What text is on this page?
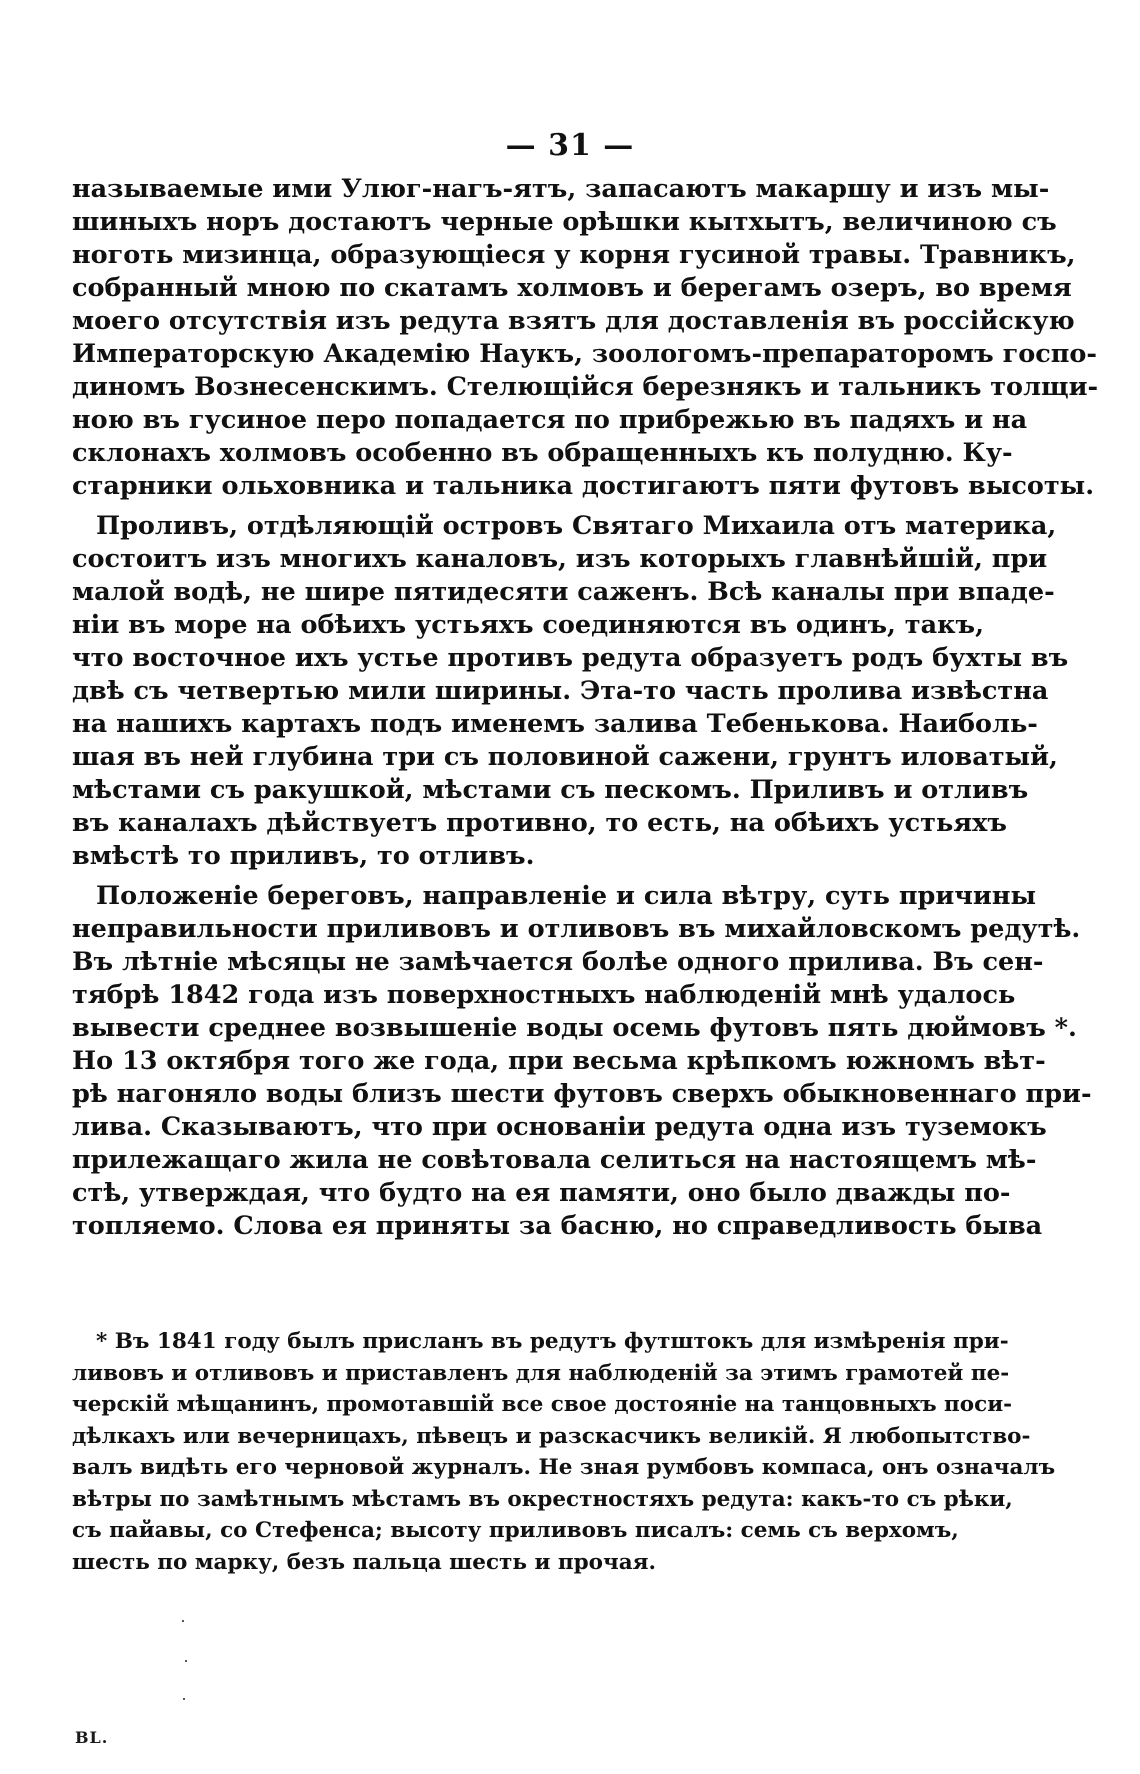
— 31 —
называемые ими Улюг-нагъ-ятъ, запасаютъ макаршу и изъ мы-
шиныхъ норъ достаютъ черные орѣшки кытхытъ, величиною съ
ноготь мизинца, образующіеся у корня гусиной травы. Травникъ,
собранный мною по скатамъ холмовъ и берегамъ озеръ, во время
моего отсутствія изъ редута взятъ для доставленія въ россійскую
Императорскую Академію Наукъ, зоологомъ-препараторомъ госпо-
диномъ Вознесенскимъ. Стелющійся березнякъ и тальникъ толщи-
ною въ гусиное перо попадается по прибрежью въ падяхъ и на
склонахъ холмовъ особенно въ обращенныхъ къ полудню. Ку-
старники ольховника и тальника достигаютъ пяти футовъ высоты.
Проливъ, отдѣляющій островъ Святаго Михаила отъ материка,
состоитъ изъ многихъ каналовъ, изъ которыхъ главнѣйшій, при
малой водѣ, не шире пятидесяти саженъ. Всѣ каналы при впаде-
ніи въ море на обѣихъ устьяхъ соединяются въ одинъ, такъ,
что восточное ихъ устье противъ редута образуетъ родъ бухты въ
двѣ съ четвертью мили ширины. Эта-то часть пролива извѣстна
на нашихъ картахъ подъ именемъ залива Тебенькова. Наиболь-
шая въ ней глубина три съ половиной сажени, грунтъ иловатый,
мѣстами съ ракушкой, мѣстами съ пескомъ. Приливъ и отливъ
въ каналахъ дѣйствуетъ противно, то есть, на обѣихъ устьяхъ
вмѣстѣ то приливъ, то отливъ.
Положеніе береговъ, направленіе и сила вѣтру, суть причины
неправильности приливовъ и отливовъ въ михайловскомъ редутѣ.
Въ лѣтніе мѣсяцы не замѣчается болѣе одного прилива. Въ сен-
тябрѣ 1842 года изъ поверхностныхъ наблюденій мнѣ удалось
вывести среднее возвышеніе воды осемь футовъ пять дюймовъ *.
Но 13 октября того же года, при весьма крѣпкомъ южномъ вѣт-
рѣ нагоняло воды близъ шести футовъ сверхъ обыкновеннаго при-
лива. Сказываютъ, что при основаніи редута одна изъ туземокъ
прилежащаго жила не совѣтовала селиться на настоящемъ мѣ-
стѣ, утверждая, что будто на ея памяти, оно было дважды по-
топляемо. Слова ея приняты за басню, но справедливость быва
* Въ 1841 году былъ присланъ въ редутъ футштокъ для измѣренія при-
ливовъ и отливовъ и приставленъ для наблюденій за этимъ грамотей пе-
черскій мѣщанинъ, промотавшій все свое достояніе на танцовныхъ поси-
дѣлкахъ или вечерницахъ, пѣвецъ и разскасчикъ великій. Я любопытство-
валъ видѣть его черновой журналъ. Не зная румбовъ компаса, онъ означалъ
вѣтры по замѣтнымъ мѣстамъ въ окрестностяхъ редута: какъ-то съ рѣки,
съ пайавы, со Стефенса; высоту приливовъ писалъ: семь съ верхомъ,
шесть по марку, безъ пальца шесть и прочая.
BL.
